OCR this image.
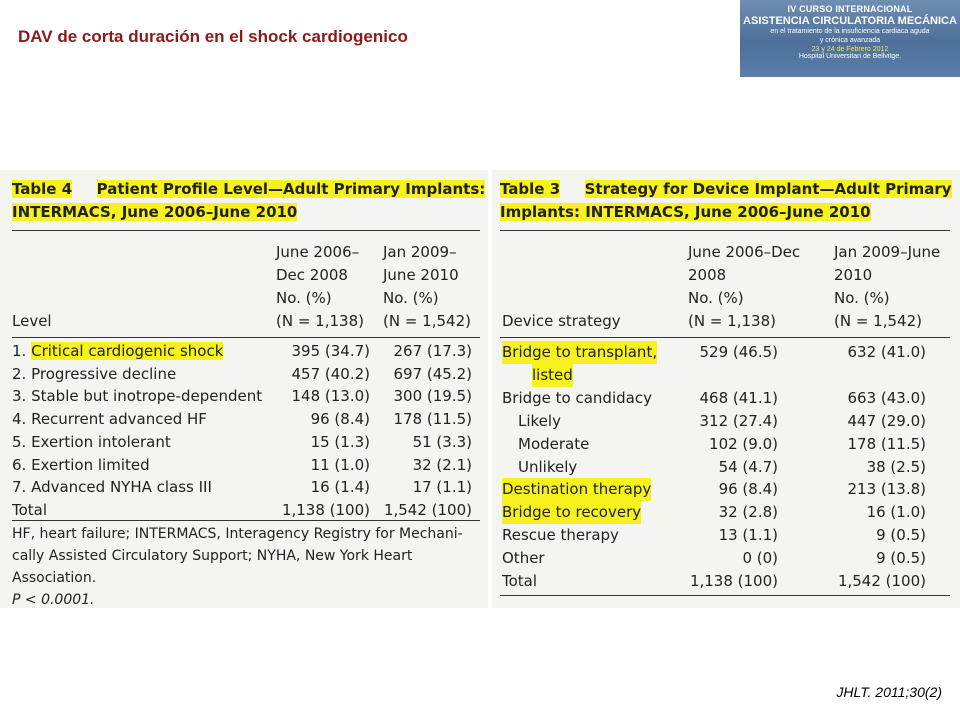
DAV de corta duración en el shock cardiogenico
IV CURSO INTERNACIONAL
ASISTENCIA CIRCULATORIA MECÁNICA
en el tratamiento de la insuficiencia cardiaca aguda
y crónica avanzada
23 y 24 de Febrero 2012
Hospital Universitari de Bellvitge.
Table 4 Patient Profile Level—Adult Primary Implants:
INTERMACS, June 2006–June 2010
June 2006–
Dec 2008
No. (%)
(N = 1,138)
Jan 2009–
June 2010
No. (%)
(N = 1,542)
Level
1. Critical cardiogenic shock	395 (34.7) 267 (17.3)
2. Progressive decline	457 (40.2) 697 (45.2)
3. Stable but inotrope-dependent 148 (13.0) 300 (19.5)
4. Recurrent advanced HF	96 (8.4) 178 (11.5)
5. Exertion intolerant	15 (1.3)	51 (3.3)
6. Exertion limited	11 (1.0)	32 (2.1)
7. Advanced NYHA class III	16 (1.4)	17 (1.1)
Total	1,138 (100) 1,542 (100)
HF, heart failure; INTERMACS, Interagency Registry for Mechani-
cally Assisted Circulatory Support; NYHA, New York Heart Association.
P < 0.0001.
Table 3 Strategy for Device Implant—Adult Primary
Implants: INTERMACS, June 2006–June 2010
June 2006–Dec
2008
No. (%)
(N = 1,138)
Jan 2009–June
2010
No. (%)
(N = 1,542)
Device strategy
Bridge to transplant,	529 (46.5)	632 (41.0)
listed
Bridge to candidacy	468 (41.1)	663 (43.0)
Likely	312 (27.4)	447 (29.0)
Moderate	102 (9.0)	178 (11.5)
Unlikely	54 (4.7)	38 (2.5)
Destination therapy	96 (8.4)	213 (13.8)
Bridge to recovery	32 (2.8)	16 (1.0)
Rescue therapy	13 (1.1)	9 (0.5)
Other	0 (0)	9 (0.5)
Total	1,138 (100)	1,542 (100)
JHLT. 2011;30(2)
